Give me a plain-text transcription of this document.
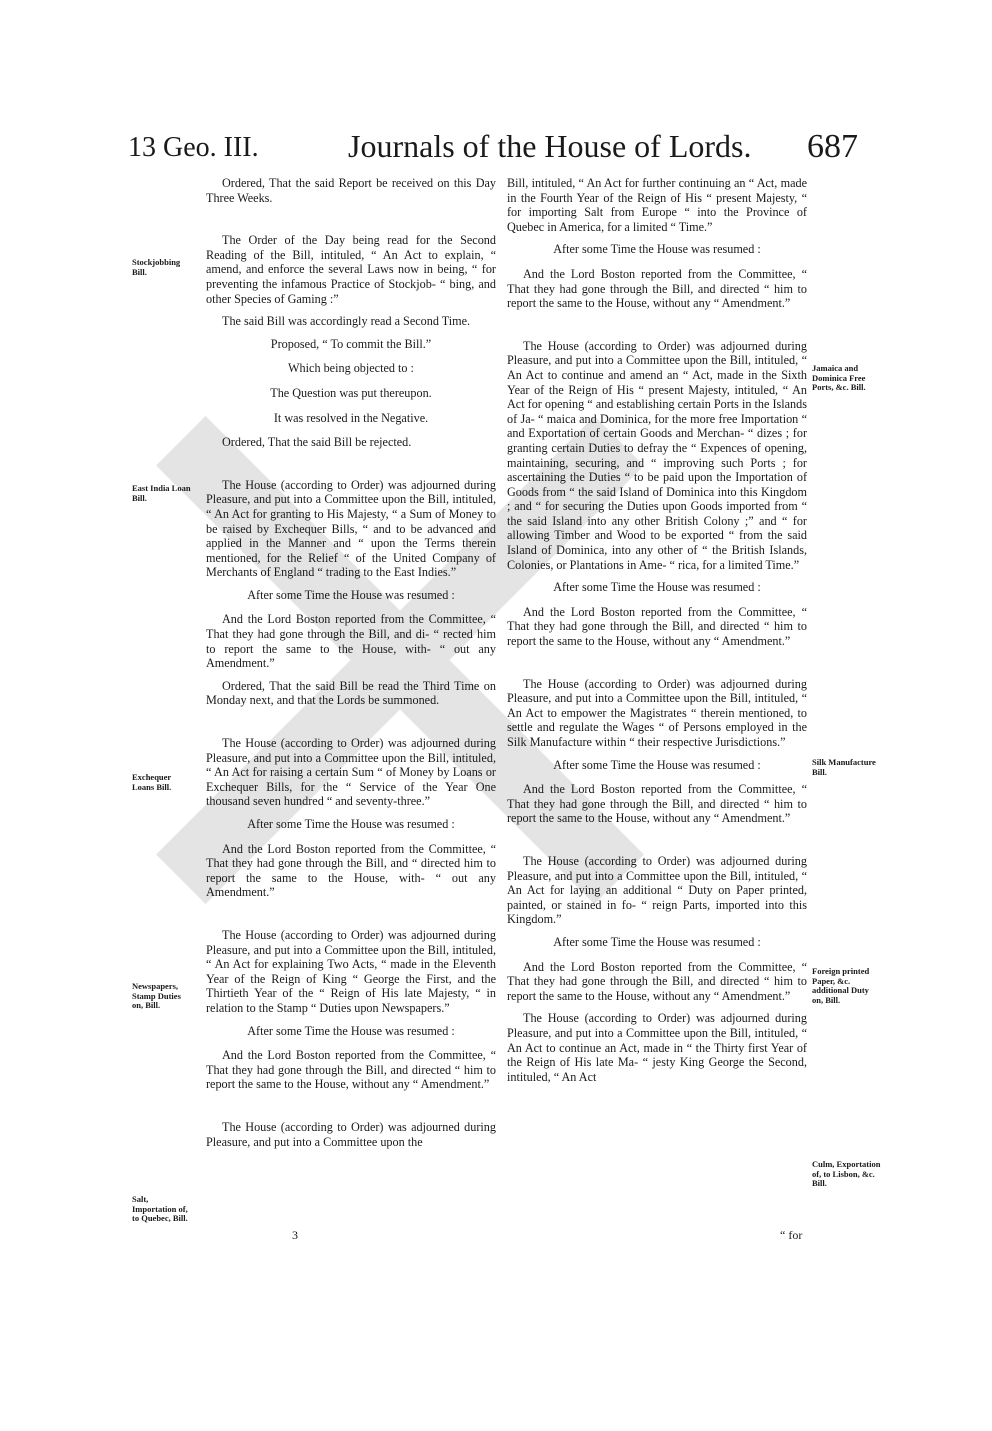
13 Geo. III.	Journals of the House of Lords. 687
Stockjobbing Bill.
East India Loan Bill.
Exchequer Loans Bill.
Newspapers, Stamp Duties on, Bill.
Salt, Importation of, to Quebec, Bill.
Jamaica and Dominica Free Ports, &c. Bill.
Silk Manufacture Bill.
Foreign printed Paper, &c. additional Duty on, Bill.
Culm, Exportation of, to Lisbon, &c. Bill.

Ordered, That the said Report be received on this Day Three Weeks.

The Order of the Day being read for the Second Reading of the Bill, intituled, “ An Act to explain, “ amend, and enforce the several Laws now in being, “ for preventing the infamous Practice of Stockjob- “ bing, and other Species of Gaming :”

The said Bill was accordingly read a Second Time.

Proposed, “ To commit the Bill.”

Which being objected to :

The Question was put thereupon.

It was resolved in the Negative.

Ordered, That the said Bill be rejected.

The House (according to Order) was adjourned during Pleasure, and put into a Committee upon the Bill, intituled, “ An Act for granting to His Majesty, “ a Sum of Money to be raised by Exchequer Bills, “ and to be advanced and applied in the Manner and “ upon the Terms therein mentioned, for the Relief “ of the United Company of Merchants of England “ trading to the East Indies.”

After some Time the House was resumed :

And the Lord Boston reported from the Committee, “ That they had gone through the Bill, and di- “ rected him to report the same to the House, with- “ out any Amendment.”

Ordered, That the said Bill be read the Third Time on Monday next, and that the Lords be summoned.

The House (according to Order) was adjourned during Pleasure, and put into a Committee upon the Bill, intituled, “ An Act for raising a certain Sum “ of Money by Loans or Exchequer Bills, for the “ Service of the Year One thousand seven hundred “ and seventy-three.”

After some Time the House was resumed :

And the Lord Boston reported from the Committee, “ That they had gone through the Bill, and “ directed him to report the same to the House, with- “ out any Amendment.”

The House (according to Order) was adjourned during Pleasure, and put into a Committee upon the Bill, intituled, “ An Act for explaining Two Acts, “ made in the Eleventh Year of the Reign of King “ George the First, and the Thirtieth Year of the “ Reign of His late Majesty, “ in relation to the Stamp “ Duties upon Newspapers.”

After some Time the House was resumed :

And the Lord Boston reported from the Committee, “ That they had gone through the Bill, and directed “ him to report the same to the House, without any “ Amendment.”

The House (according to Order) was adjourned during Pleasure, and put into a Committee upon the

Bill, intituled, “ An Act for further continuing an “ Act, made in the Fourth Year of the Reign of His “ present Majesty, “ for importing Salt from Europe “ into the Province of Quebec in America, for a limited “ Time.”

After some Time the House was resumed :

And the Lord Boston reported from the Committee, “ That they had gone through the Bill, and directed “ him to report the same to the House, without any “ Amendment.”

The House (according to Order) was adjourned during Pleasure, and put into a Committee upon the Bill, intituled, “ An Act to continue and amend an “ Act, made in the Sixth Year of the Reign of His “ present Majesty, intituled, “ An Act for opening “ and establishing certain Ports in the Islands of Ja- “ maica and Dominica, for the more free Importation “ and Exportation of certain Goods and Merchan- “ dizes ; for granting certain Duties to defray the “ Expences of opening, maintaining, securing, and “ improving such Ports ; for ascertaining the Duties “ to be paid upon the Importation of Goods from “ the said Island of Dominica into this Kingdom ; and “ for securing the Duties upon Goods imported from “ the said Island into any other British Colony ;” and “ for allowing Timber and Wood to be exported “ from the said Island of Dominica, into any other of “ the British Islands, Colonies, or Plantations in Ame- “ rica, for a limited Time.”

After some Time the House was resumed :

And the Lord Boston reported from the Committee, “ That they had gone through the Bill, and directed “ him to report the same to the House, without any “ Amendment.”

The House (according to Order) was adjourned during Pleasure, and put into a Committee upon the Bill, intituled, “ An Act to empower the Magistrates “ therein mentioned, to settle and regulate the Wages “ of Persons employed in the Silk Manufacture within “ their respective Jurisdictions.”

After some Time the House was resumed :

And the Lord Boston reported from the Committee, “ That they had gone through the Bill, and directed “ him to report the same to the House, without any “ Amendment.”

The House (according to Order) was adjourned during Pleasure, and put into a Committee upon the Bill, intituled, “ An Act for laying an additional “ Duty on Paper printed, painted, or stained in fo- “ reign Parts, imported into this Kingdom.”

After some Time the House was resumed :

And the Lord Boston reported from the Committee, “ That they had gone through the Bill, and directed “ him to report the same to the House, without any “ Amendment.”

The House (according to Order) was adjourned during Pleasure, and put into a Committee upon the Bill, intituled, “ An Act to continue an Act, made in “ the Thirty first Year of the Reign of His late Ma- “ jesty King George the Second, intituled, “ An Act

3	“ for
